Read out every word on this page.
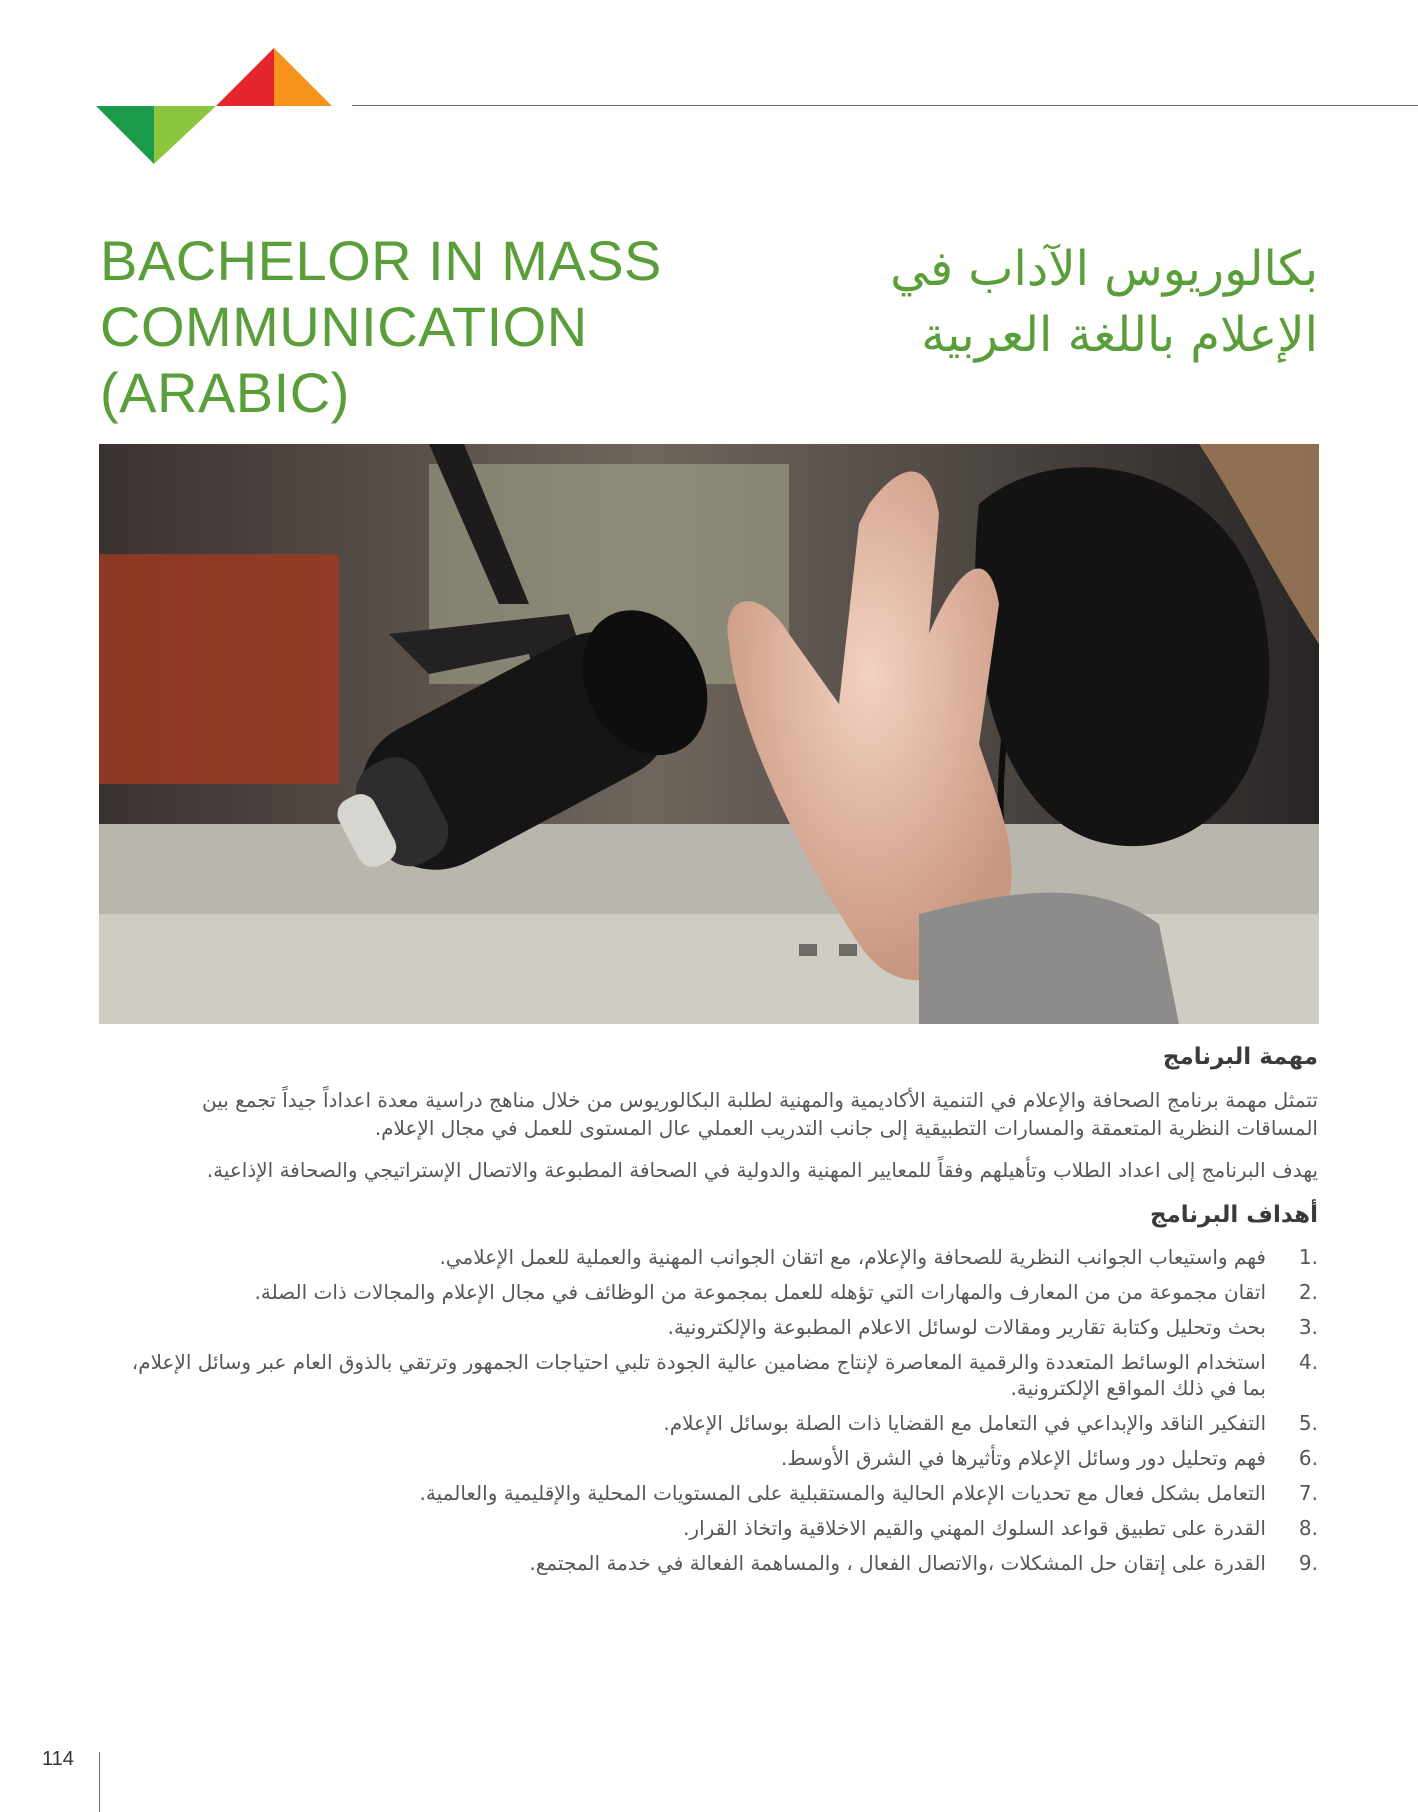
BACHELOR IN MASS COMMUNICATION (ARABIC)
بكالوريوس الآداب في
الإعلام باللغة العربية
مهمة البرنامج

تتمثل مهمة برنامج الصحافة والإعلام في التنمية الأكاديمية والمهنية لطلبة البكالوريوس من خلال مناهج دراسية معدة اعداداً جيداً تجمع بين المساقات النظرية المتعمقة والمسارات التطبيقية إلى جانب التدريب العملي عال المستوى للعمل في مجال الإعلام.

يهدف البرنامج إلى اعداد الطلاب وتأهيلهم وفقاً للمعايير المهنية والدولية في الصحافة المطبوعة والاتصال الإستراتيجي والصحافة الإذاعية.

أهداف البرنامج
1.
فهم واستيعاب الجوانب النظرية للصحافة والإعلام، مع اتقان الجوانب المهنية والعملية للعمل الإعلامي.
2.
اتقان مجموعة من من المعارف والمهارات التي تؤهله للعمل بمجموعة من الوظائف في مجال الإعلام والمجالات ذات الصلة.
3.
بحث وتحليل وكتابة تقارير ومقالات لوسائل الاعلام المطبوعة والإلكترونية.
4.
استخدام الوسائط المتعددة والرقمية المعاصرة لإنتاج مضامين عالية الجودة تلبي احتياجات الجمهور وترتقي بالذوق العام عبر وسائل الإعلام، بما في ذلك المواقع الإلكترونية.
5.
التفكير الناقد والإبداعي في التعامل مع القضايا ذات الصلة بوسائل الإعلام.
6.
فهم وتحليل دور وسائل الإعلام وتأثيرها في الشرق الأوسط.
7.
التعامل بشكل فعال مع تحديات الإعلام الحالية والمستقبلية على المستويات المحلية والإقليمية والعالمية.
8.
القدرة على تطبيق قواعد السلوك المهني والقيم الاخلاقية واتخاذ القرار.
9.
القدرة على إتقان حل المشكلات ،والاتصال الفعال ، والمساهمة الفعالة في خدمة المجتمع.
114
